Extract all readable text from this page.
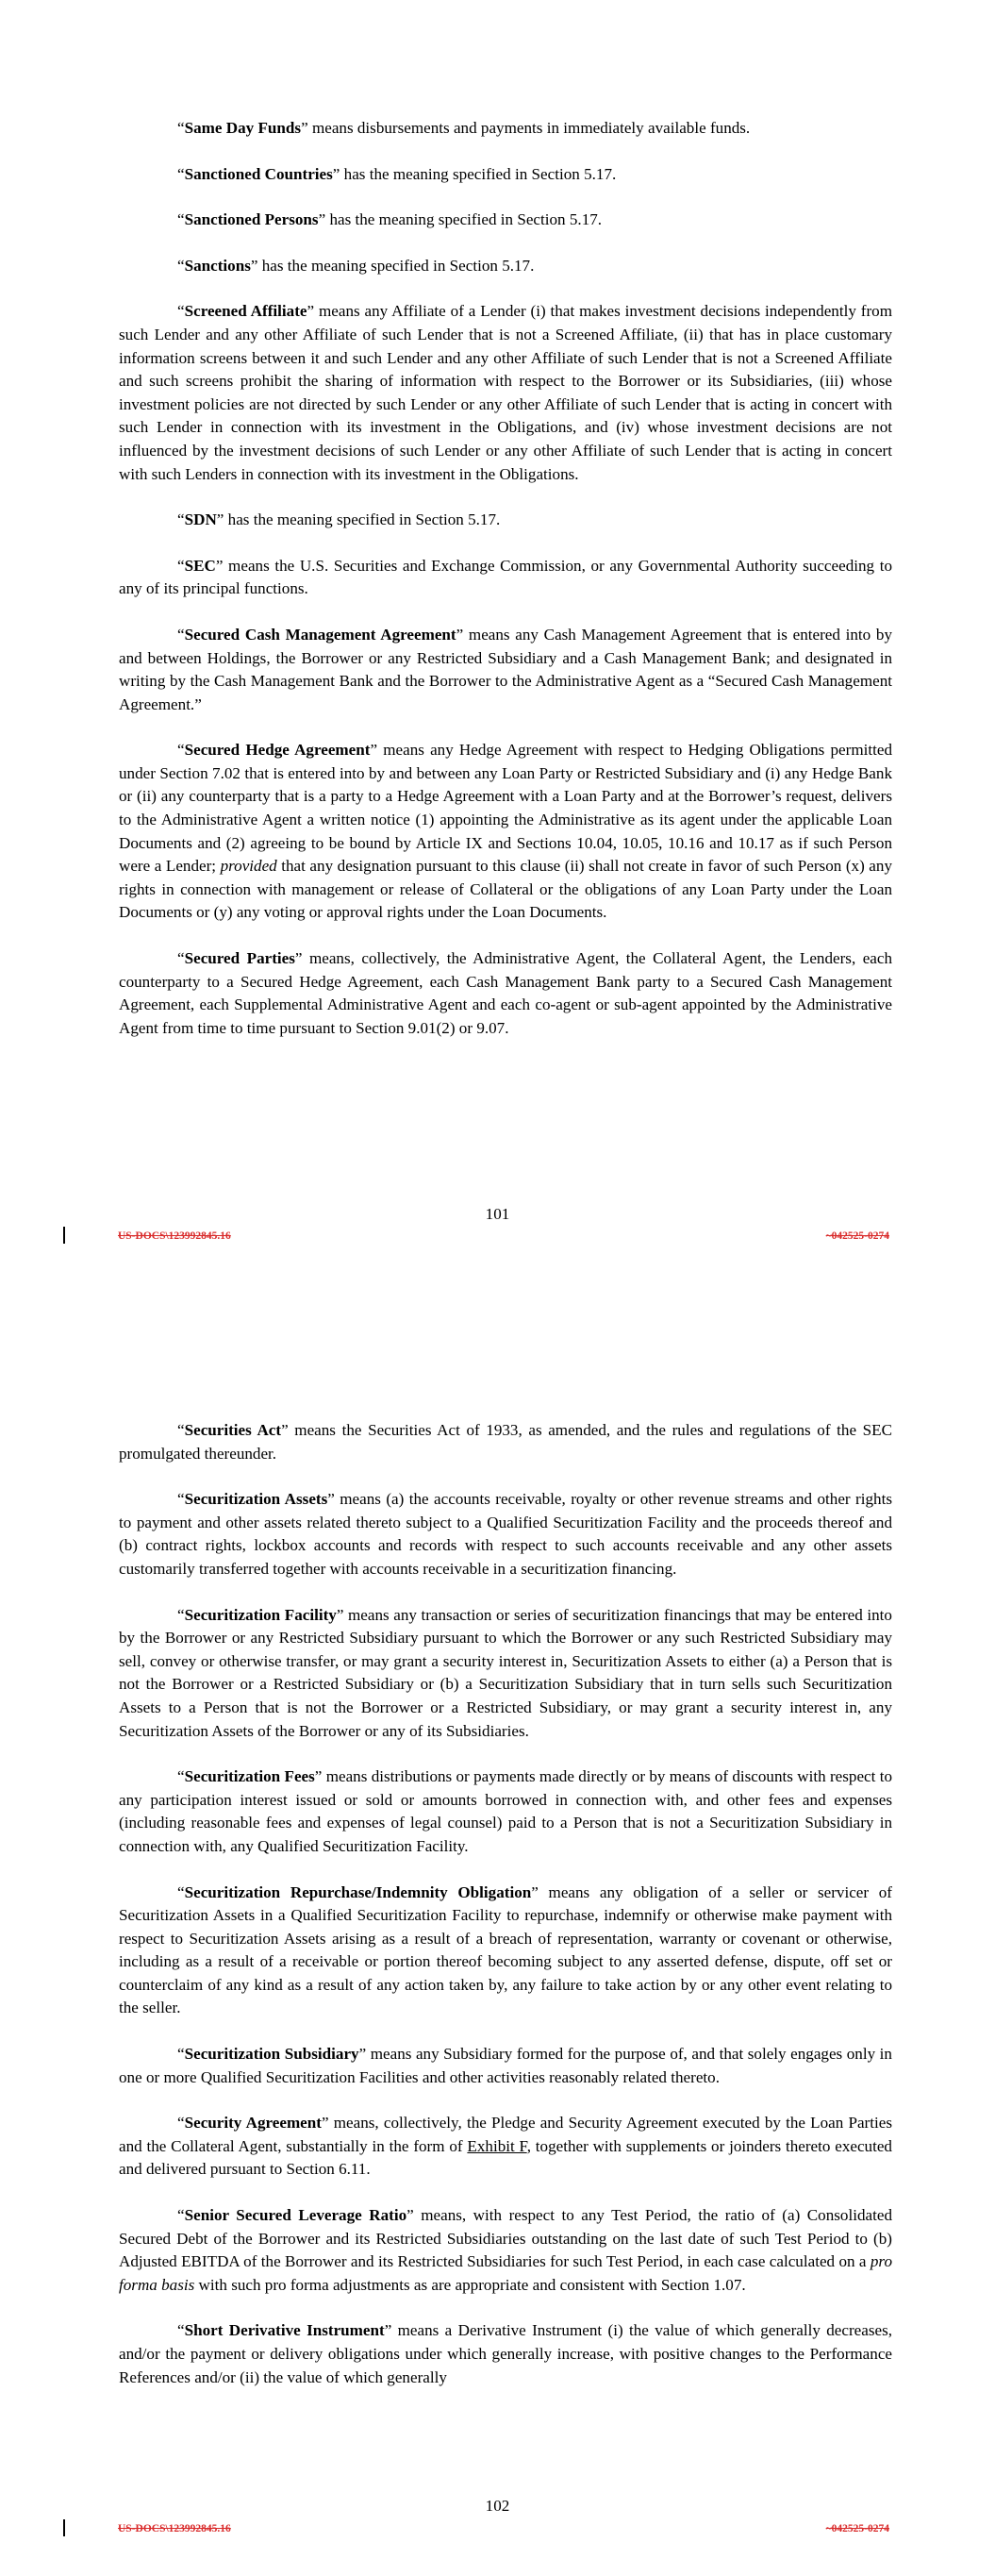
“Same Day Funds” means disbursements and payments in immediately available funds.

“Sanctioned Countries” has the meaning specified in Section 5.17.

“Sanctioned Persons” has the meaning specified in Section 5.17.

“Sanctions” has the meaning specified in Section 5.17.

“Screened Affiliate” means any Affiliate of a Lender (i) that makes investment decisions independently from such Lender and any other Affiliate of such Lender that is not a Screened Affiliate, (ii) that has in place customary information screens between it and such Lender and any other Affiliate of such Lender that is not a Screened Affiliate and such screens prohibit the sharing of information with respect to the Borrower or its Subsidiaries, (iii) whose investment policies are not directed by such Lender or any other Affiliate of such Lender that is acting in concert with such Lender in connection with its investment in the Obligations, and (iv) whose investment decisions are not influenced by the investment decisions of such Lender or any other Affiliate of such Lender that is acting in concert with such Lenders in connection with its investment in the Obligations.

“SDN” has the meaning specified in Section 5.17.

“SEC” means the U.S. Securities and Exchange Commission, or any Governmental Authority succeeding to any of its principal functions.

“Secured Cash Management Agreement” means any Cash Management Agreement that is entered into by and between Holdings, the Borrower or any Restricted Subsidiary and a Cash Management Bank; and designated in writing by the Cash Management Bank and the Borrower to the Administrative Agent as a “Secured Cash Management Agreement.”

“Secured Hedge Agreement” means any Hedge Agreement with respect to Hedging Obligations permitted under Section 7.02 that is entered into by and between any Loan Party or Restricted Subsidiary and (i) any Hedge Bank or (ii) any counterparty that is a party to a Hedge Agreement with a Loan Party and at the Borrower’s request, delivers to the Administrative Agent a written notice (1) appointing the Administrative as its agent under the applicable Loan Documents and (2) agreeing to be bound by Article IX and Sections 10.04, 10.05, 10.16 and 10.17 as if such Person were a Lender; provided that any designation pursuant to this clause (ii) shall not create in favor of such Person (x) any rights in connection with management or release of Collateral or the obligations of any Loan Party under the Loan Documents or (y) any voting or approval rights under the Loan Documents.

“Secured Parties” means, collectively, the Administrative Agent, the Collateral Agent, the Lenders, each counterparty to a Secured Hedge Agreement, each Cash Management Bank party to a Secured Cash Management Agreement, each Supplemental Administrative Agent and each co-agent or sub-agent appointed by the Administrative Agent from time to time pursuant to Section 9.01(2) or 9.07.

101
US-DOCS\123992845.16	~042525-0274

“Securities Act” means the Securities Act of 1933, as amended, and the rules and regulations of the SEC promulgated thereunder.

“Securitization Assets” means (a) the accounts receivable, royalty or other revenue streams and other rights to payment and other assets related thereto subject to a Qualified Securitization Facility and the proceeds thereof and (b) contract rights, lockbox accounts and records with respect to such accounts receivable and any other assets customarily transferred together with accounts receivable in a securitization financing.

“Securitization Facility” means any transaction or series of securitization financings that may be entered into by the Borrower or any Restricted Subsidiary pursuant to which the Borrower or any such Restricted Subsidiary may sell, convey or otherwise transfer, or may grant a security interest in, Securitization Assets to either (a) a Person that is not the Borrower or a Restricted Subsidiary or (b) a Securitization Subsidiary that in turn sells such Securitization Assets to a Person that is not the Borrower or a Restricted Subsidiary, or may grant a security interest in, any Securitization Assets of the Borrower or any of its Subsidiaries.

“Securitization Fees” means distributions or payments made directly or by means of discounts with respect to any participation interest issued or sold or amounts borrowed in connection with, and other fees and expenses (including reasonable fees and expenses of legal counsel) paid to a Person that is not a Securitization Subsidiary in connection with, any Qualified Securitization Facility.

“Securitization Repurchase/Indemnity Obligation” means any obligation of a seller or servicer of Securitization Assets in a Qualified Securitization Facility to repurchase, indemnify or otherwise make payment with respect to Securitization Assets arising as a result of a breach of representation, warranty or covenant or otherwise, including as a result of a receivable or portion thereof becoming subject to any asserted defense, dispute, off set or counterclaim of any kind as a result of any action taken by, any failure to take action by or any other event relating to the seller.

“Securitization Subsidiary” means any Subsidiary formed for the purpose of, and that solely engages only in one or more Qualified Securitization Facilities and other activities reasonably related thereto.

“Security Agreement” means, collectively, the Pledge and Security Agreement executed by the Loan Parties and the Collateral Agent, substantially in the form of Exhibit F, together with supplements or joinders thereto executed and delivered pursuant to Section 6.11.

“Senior Secured Leverage Ratio” means, with respect to any Test Period, the ratio of (a) Consolidated Secured Debt of the Borrower and its Restricted Subsidiaries outstanding on the last date of such Test Period to (b) Adjusted EBITDA of the Borrower and its Restricted Subsidiaries for such Test Period, in each case calculated on a pro forma basis with such pro forma adjustments as are appropriate and consistent with Section 1.07.

“Short Derivative Instrument” means a Derivative Instrument (i) the value of which generally decreases, and/or the payment or delivery obligations under which generally increase, with positive changes to the Performance References and/or (ii) the value of which generally

102
US-DOCS\123992845.16	~042525-0274
